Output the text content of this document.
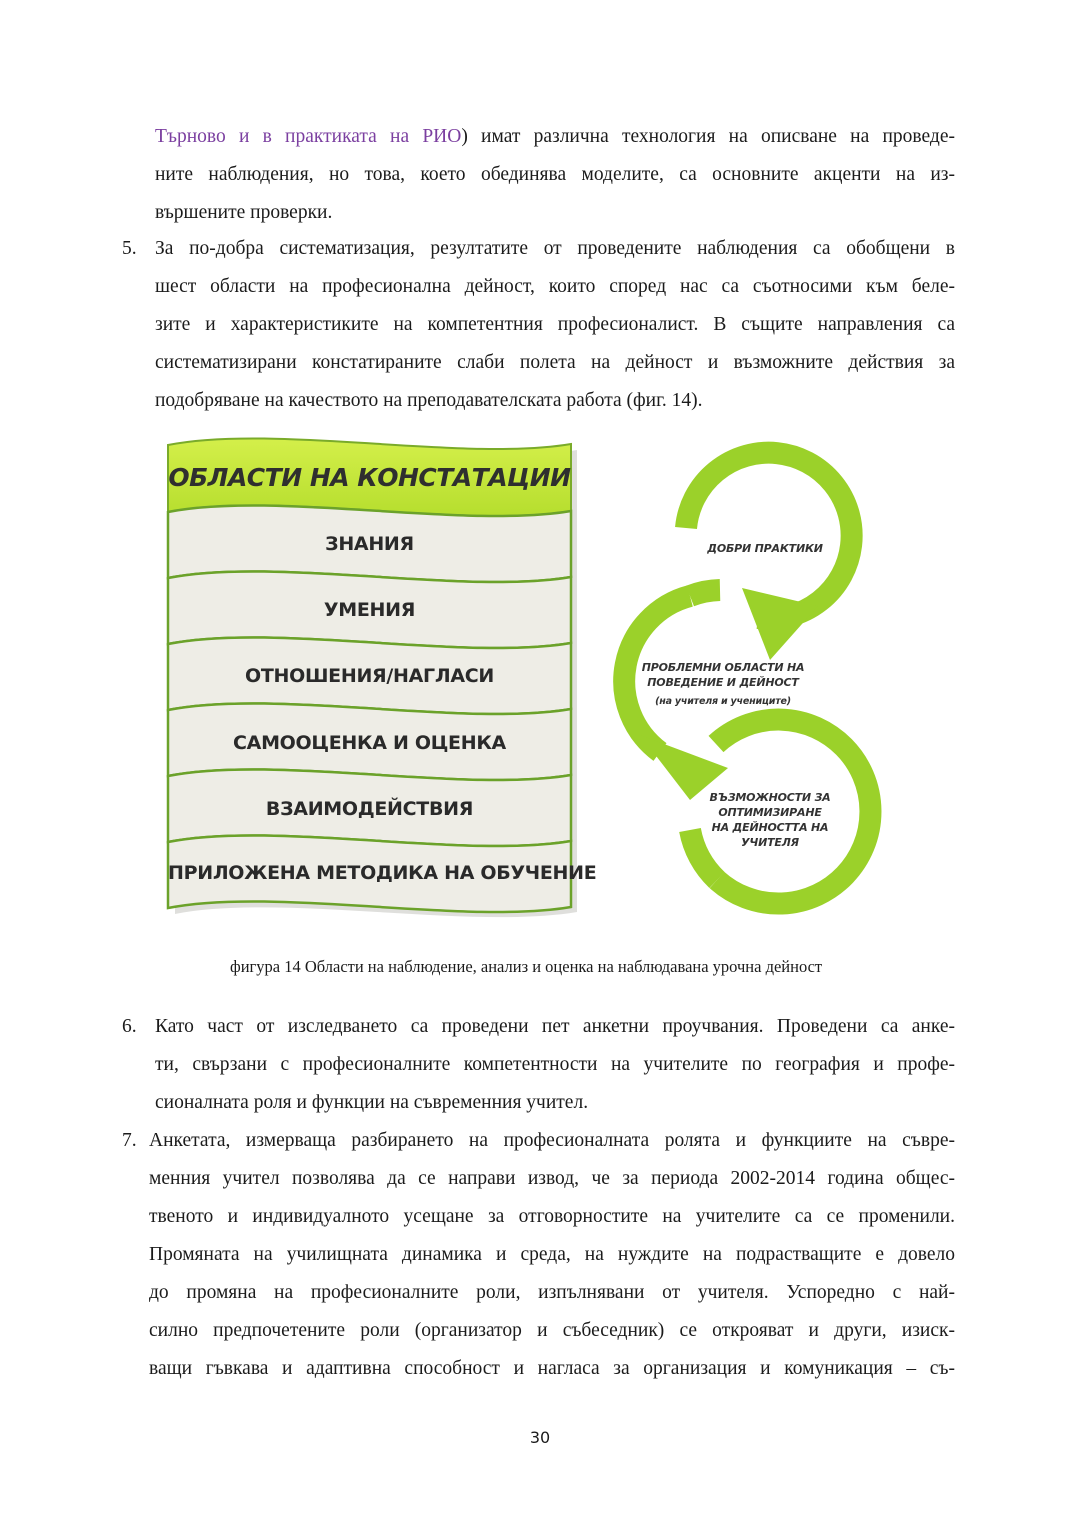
Търново и в практиката на РИО) имат различна технология на описване на проведе-
ните наблюдения, но това, което обединява моделите, са основните акценти на из-
вършените проверки.
5. За по-добра систематизация, резултатите от проведените наблюдения са обобщени в
шест области на професионална дейност, които според нас са съотносими към беле-
зите и характеристиките на компетентния професионалист. В същите направления са
систематизирани констатираните слаби полета на дейност и възможните действия за
подобряване на качеството на преподавателската работа (фиг. 14).
ОБЛАСТИ НА КОНСТАТАЦИИ
ЗНАНИЯ
УМЕНИЯ
ОТНОШЕНИЯ/НАГЛАСИ
САМООЦЕНКА И ОЦЕНКА
ВЗАИМОДЕЙСТВИЯ
ПРИЛОЖЕНА МЕТОДИКА НА ОБУЧЕНИЕ
ДОБРИ ПРАКТИКИ
ПРОБЛЕМНИ ОБЛАСТИ НА
ПОВЕДЕНИЕ И ДЕЙНОСТ
(на учителя и учениците)
ВЪЗМОЖНОСТИ ЗА
ОПТИМИЗИРАНЕ
НА ДЕЙНОСТТА НА
УЧИТЕЛЯ
фигура 14 Области на наблюдение, анализ и оценка на наблюдавана урочна дейност
6. Като част от изследването са проведени пет анкетни проучвания. Проведени са анке-
ти, свързани с професионалните компетентности на учителите по география и профе-
сионалната роля и функции на съвременния учител.
7. Анкетата, измерваща разбирането на професионалната ролята и функциите на съвре-
менния учител позволява да се направи извод, че за периода 2002-2014 година общес-
твеното и индивидуалното усещане за отговорностите на учителите са се променили.
Промяната на училищната динамика и среда, на нуждите на подрастващите е довело
до промяна на професионалните роли, изпълнявани от учителя. Успоредно с най-
силно предпочетените роли (организатор и събеседник) се открояват и други, изиск-
ващи гъвкава и адаптивна способност и нагласа за организация и комуникация – съ-
30
